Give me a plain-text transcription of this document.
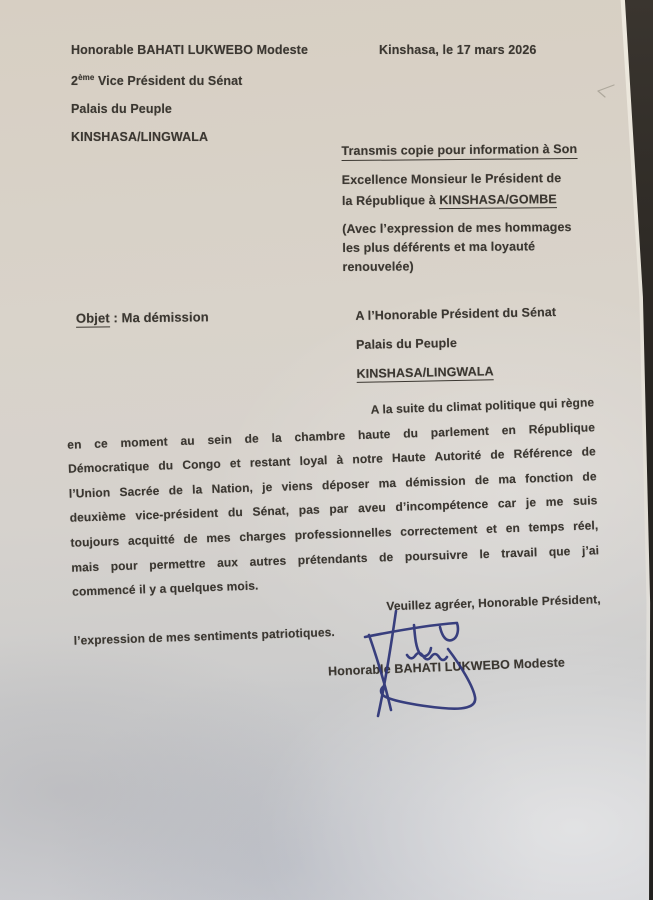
Honorable BAHATI LUKWEBO Modeste
2ème Vice Président du Sénat
Palais du Peuple
KINSHASA/LINGWALA
Kinshasa, le 17 mars 2026
Transmis copie pour information à Son
Excellence Monsieur le Président de
la République à KINSHASA/GOMBE
(Avec l’expression de mes hommages
les plus déférents et ma loyauté
renouvelée)
Objet : Ma démission	A l’Honorable Président du Sénat
Palais du Peuple
KINSHASA/LINGWALA
A la suite du climat politique qui règne
en ce moment au sein de la chambre haute du parlement en République
Démocratique du Congo et restant loyal à notre Haute Autorité de Référence de
l’Union Sacrée de la Nation, je viens déposer ma démission de ma fonction de
deuxième vice-président du Sénat, pas par aveu d’incompétence car je me suis
toujours acquitté de mes charges professionnelles correctement et en temps réel,
mais pour permettre aux autres prétendants de poursuivre le travail que j’ai
commencé il y a quelques mois.
Veuillez agréer, Honorable Président,
l’expression de mes sentiments patriotiques.
Honorable BAHATI LUKWEBO Modeste
